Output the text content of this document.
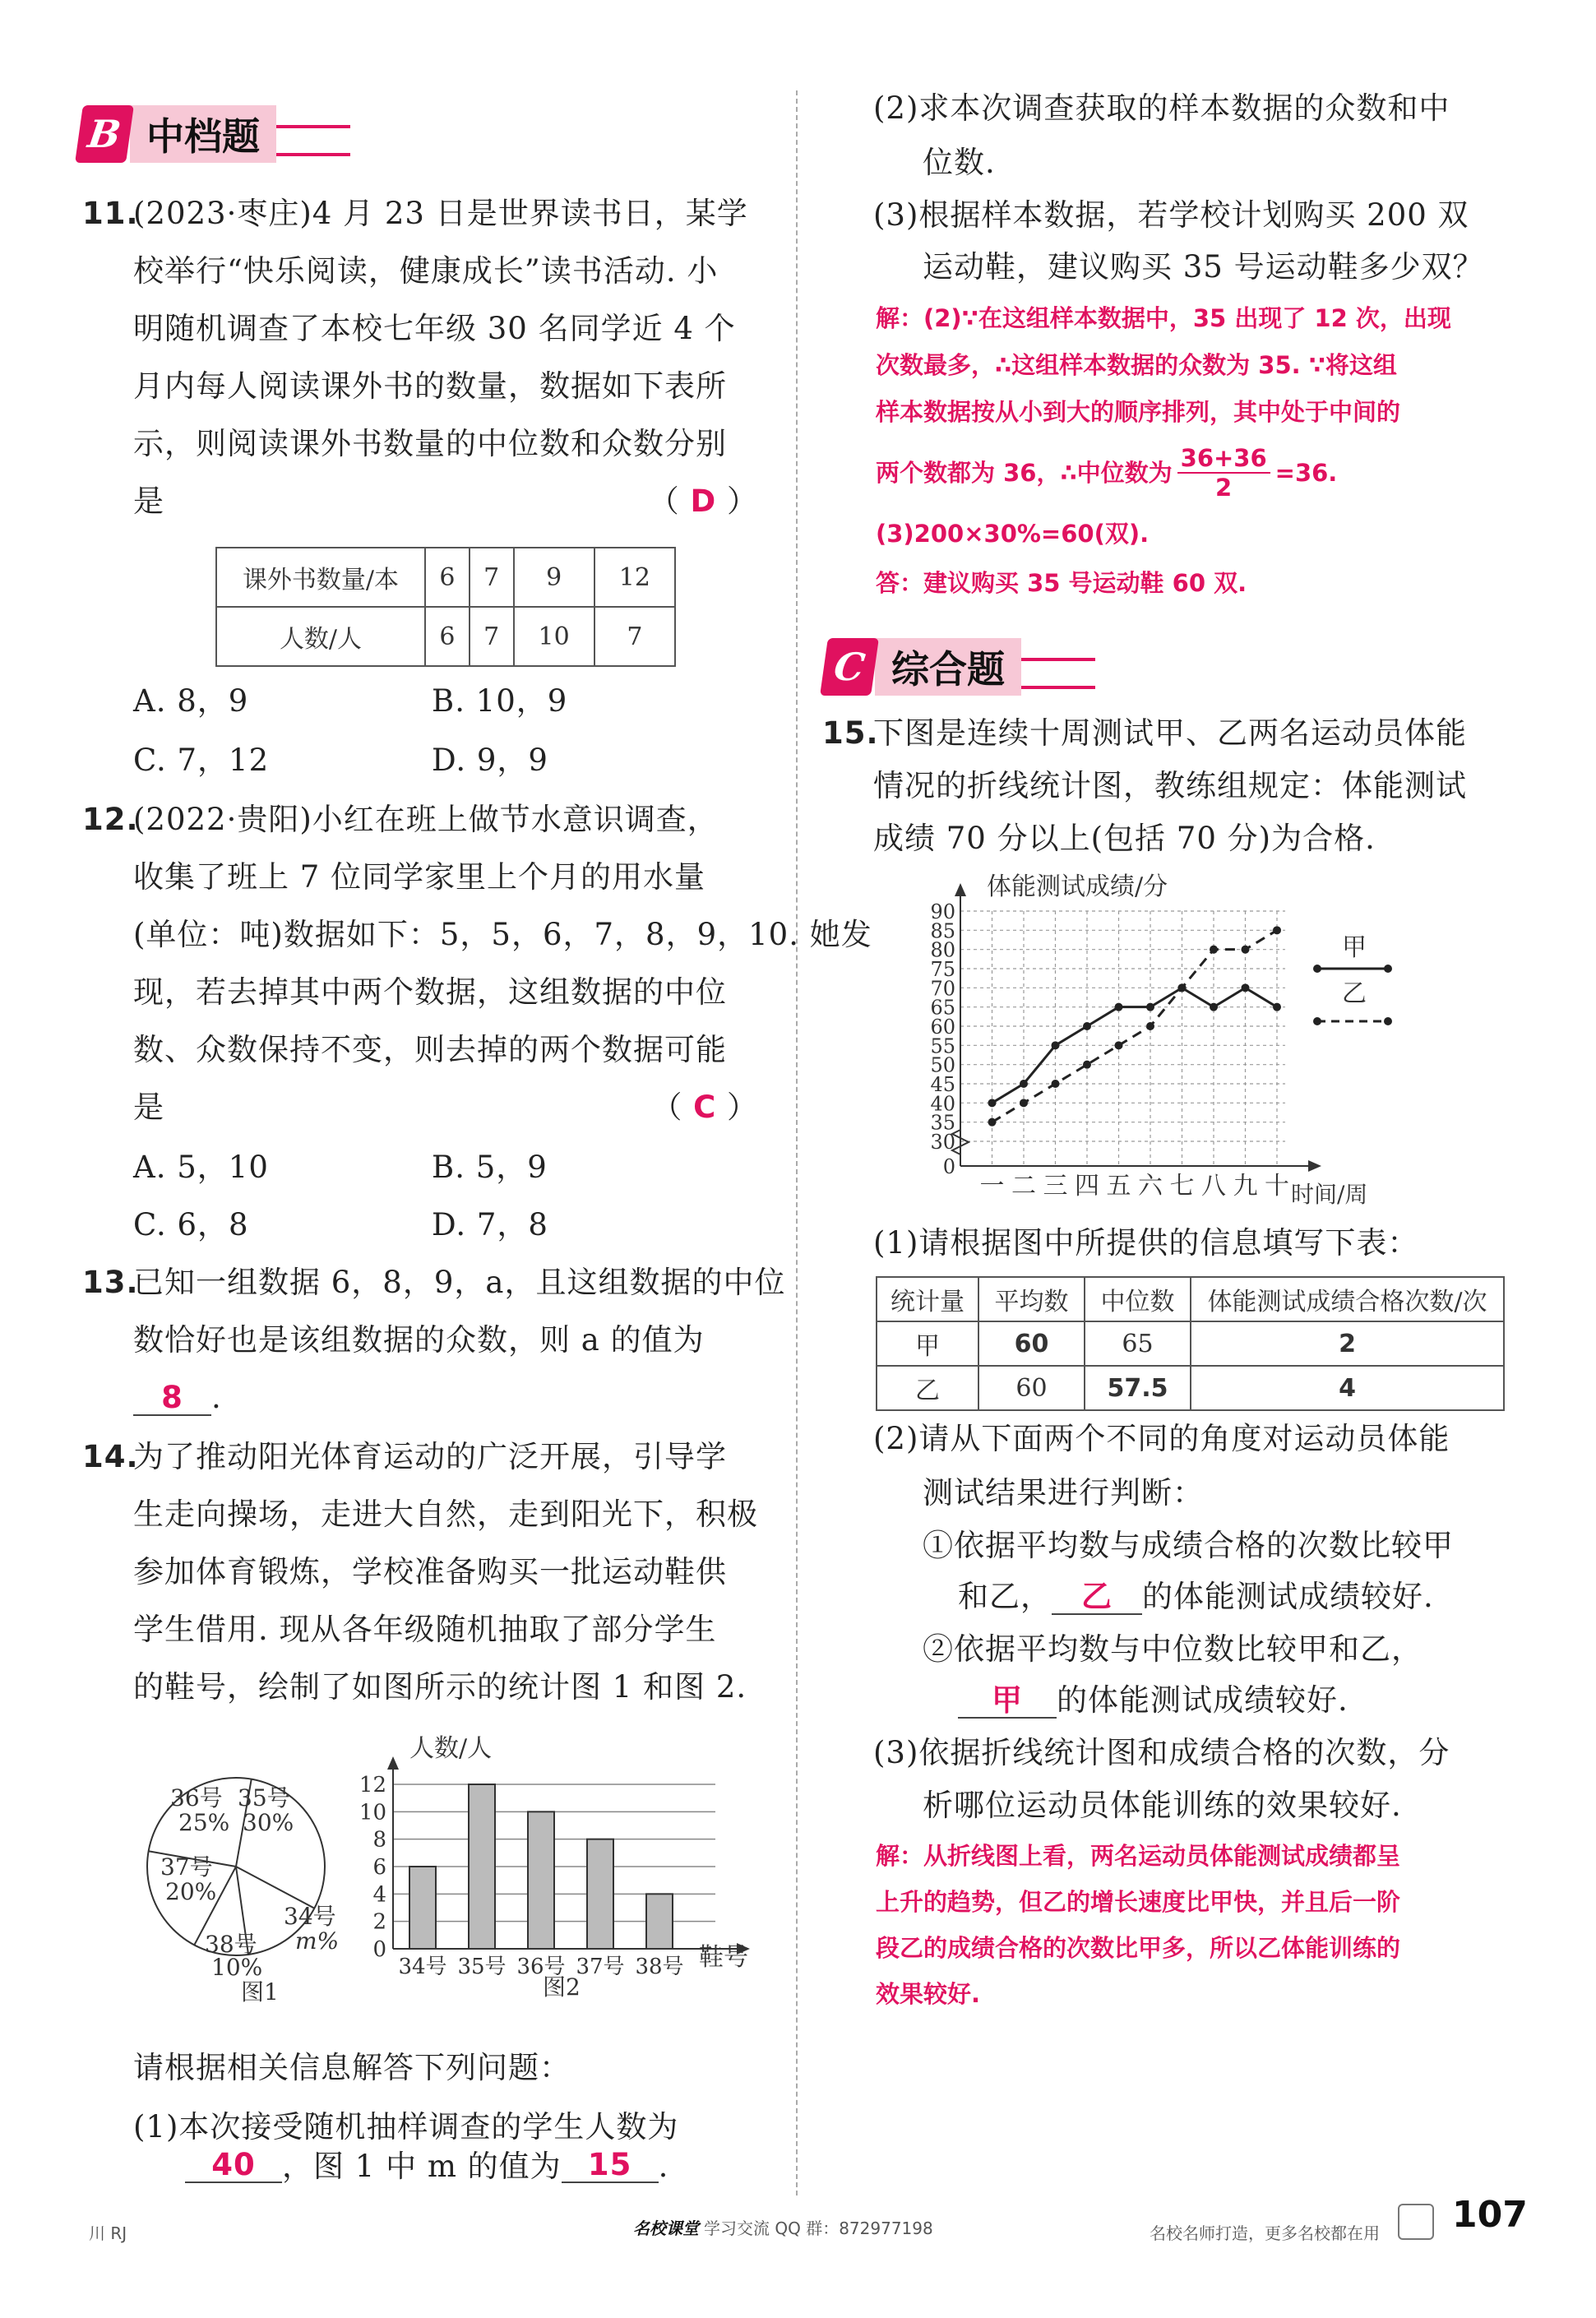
B 中档题
11.
(2023·枣庄)4 月 23 日是世界读书日，某学
校举行“快乐阅读，健康成长”读书活动. 小
明随机调查了本校七年级 30 名同学近 4 个
月内每人阅读课外书的数量，数据如下表所
示，则阅读课外书数量的中位数和众数分别
是	（ D ）
课外书数量/本	6	7	9	12
人数/人	6	7	10	7
A. 8，9	B. 10，9
C. 7，12	D. 9，9
12.
(2022·贵阳)小红在班上做节水意识调查，
收集了班上 7 位同学家里上个月的用水量
(单位：吨)数据如下：5，5，6，7，8，9，10. 她发
现，若去掉其中两个数据，这组数据的中位
数、众数保持不变，则去掉的两个数据可能
是	（ C ）
A. 5，10	B. 5，9
C. 6，8	D. 7，8
13.
已知一组数据 6，8，9，a，且这组数据的中位
数恰好也是该组数据的众数，则 a 的值为
8 .
14.
为了推动阳光体育运动的广泛开展，引导学
生走向操场，走进大自然，走到阳光下，积极
参加体育锻炼，学校准备购买一批运动鞋供
学生借用. 现从各年级随机抽取了部分学生
的鞋号，绘制了如图所示的统计图 1 和图 2.
36号
25%
35号
30%
37号
20%
38号
10%
34号
m%
图1
0
2
4
6
8
10
12
34号 35号 36号 37号 38号
人数/人
鞋号
图2
请根据相关信息解答下列问题：
(1)本次接受随机抽样调查的学生人数为
40 ，图 1 中 m 的值为 15 .
(2)求本次调查获取的样本数据的众数和中
位数.
(3)根据样本数据，若学校计划购买 200 双
运动鞋，建议购买 35 号运动鞋多少双？
解：(2)∵在这组样本数据中，35 出现了 12 次，出现
次数最多，∴这组样本数据的众数为 35. ∵将这组
样本数据按从小到大的顺序排列，其中处于中间的
两个数都为 36，∴中位数为 $\frac{36+36}{2} =36$.
(3)200×30%=60(双).
答：建议购买 35 号运动鞋 60 双.
C 综合题
15.
下图是连续十周测试甲、乙两名运动员体能
情况的折线统计图，教练组规定：体能测试
成绩 70 分以上(包括 70 分)为合格.
0
30
35
40
45
50
55
60
65
70
75
80
85
90
一 二 三 四 五 六 七 八 九 十
体能测试成绩/分
时间/周
甲
乙
(1)请根据图中所提供的信息填写下表：
统计量	平均数	中位数	体能测试成绩合格次数/次
甲	60	65	2
乙	60	57.5	4
(2)请从下面两个不同的角度对运动员体能
测试结果进行判断：
①依据平均数与成绩合格的次数比较甲
和乙， 乙 的体能测试成绩较好.
②依据平均数与中位数比较甲和乙，
甲	的体能测试成绩较好.
(3)依据折线统计图和成绩合格的次数，分
析哪位运动员体能训练的效果较好.
解：从折线图上看，两名运动员体能测试成绩都呈
上升的趋势，但乙的增长速度比甲快，并且后一阶
段乙的成绩合格的次数比甲多，所以乙体能训练的
效果较好.
川 RJ	名校课堂 学习交流 QQ 群：872977198	名校名师打造，更多名校都在用 107
